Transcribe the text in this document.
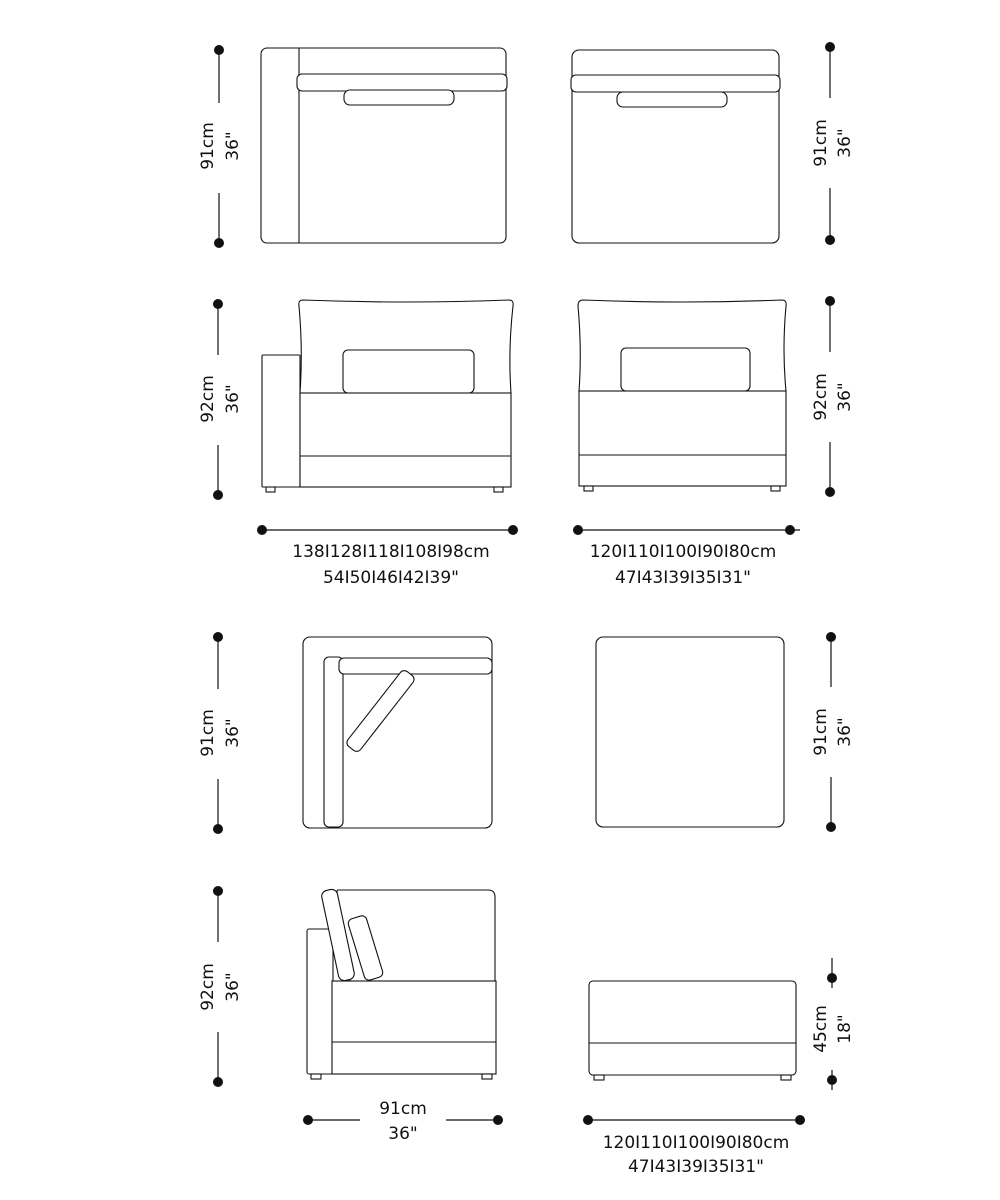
91cm 36"	91cm 36"
92cm 36"	92cm 36"
138I128I118I108I98cm
54I50I46I42I39"
120I110I100I90I80cm
47I43I39I35I31"
91cm 36"	91cm 36"
92cm 36"
45cm 18"
91cm
36"	120I110I100I90I80cm
47I43I39I35I31"
